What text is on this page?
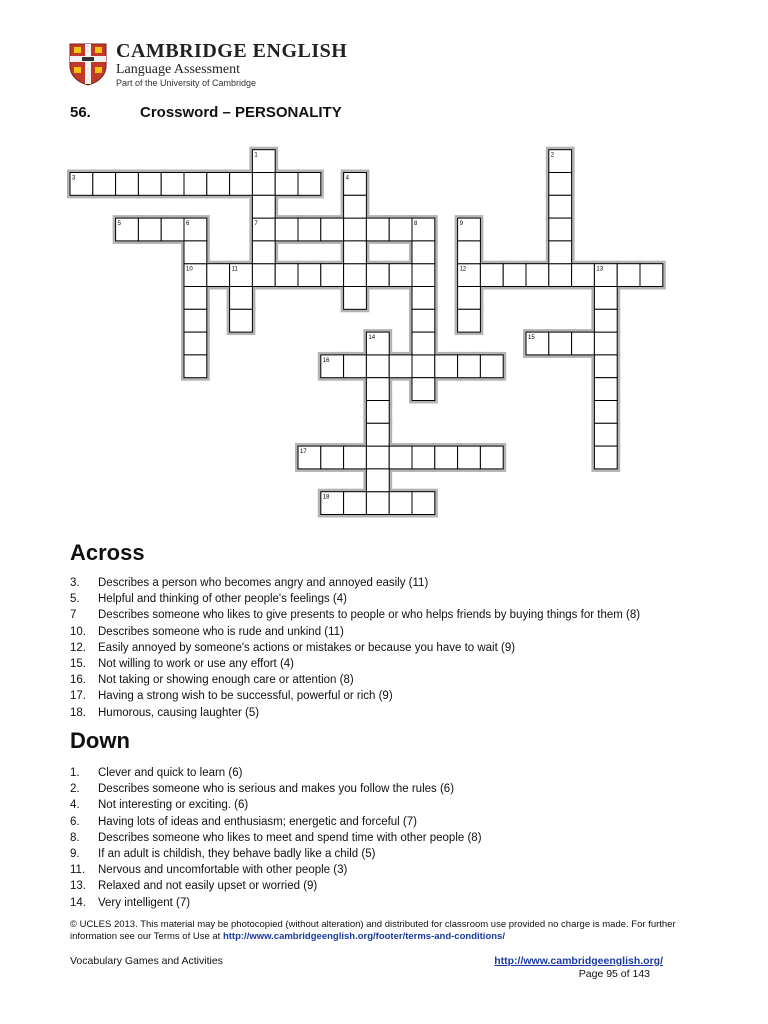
CAMBRIDGE ENGLISH
Language Assessment
Part of the University of Cambridge
56.	Crossword – PERSONALITY
3
5	7
10	12
15
16
17
18
1	2
4
6	8	9
11	13
14
Across
3. Describes a person who becomes angry and annoyed easily (11)
5. Helpful and thinking of other people's feelings (4)
7 Describes someone who likes to give presents to people or who helps friends by buying things for them (8)
10. Describes someone who is rude and unkind (11)
12. Easily annoyed by someone's actions or mistakes or because you have to wait (9)
15. Not willing to work or use any effort (4)
16. Not taking or showing enough care or attention (8)
17. Having a strong wish to be successful, powerful or rich (9)
18. Humorous, causing laughter (5)
Down
1. Clever and quick to learn (6)
2. Describes someone who is serious and makes you follow the rules (6)
4. Not interesting or exciting. (6)
6. Having lots of ideas and enthusiasm; energetic and forceful (7)
8. Describes someone who likes to meet and spend time with other people (8)
9. If an adult is childish, they behave badly like a child (5)
11. Nervous and uncomfortable with other people (3)
13. Relaxed and not easily upset or worried (9)
14. Very intelligent (7)
© UCLES 2013. This material may be photocopied (without alteration) and distributed for classroom use provided no charge is made. For further information see our Terms of Use at http://www.cambridgeenglish.org/footer/terms-and-conditions/
Vocabulary Games and Activities	http://www.cambridgeenglish.org/
Page 95 of 143
